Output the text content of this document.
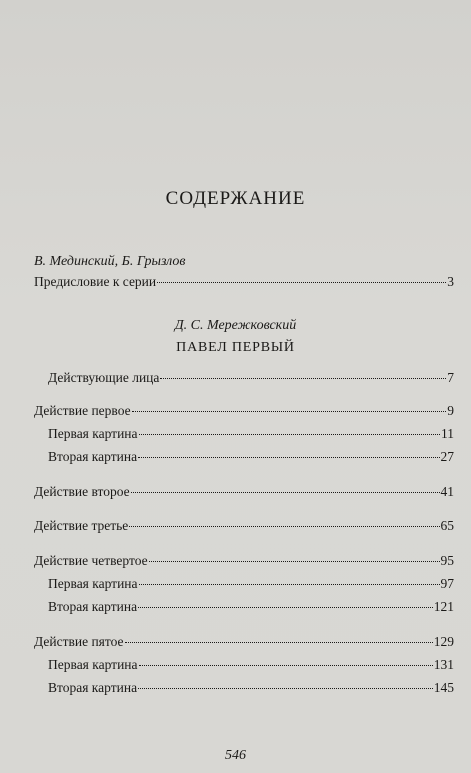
СОДЕРЖАНИЕ
В. Мединский, Б. Грызлов
Предисловие к серии	3
Д. С. Мережковский
ПАВЕЛ ПЕРВЫЙ
Действующие лица	7
Действие первое	9
Первая картина	11
Вторая картина	27
Действие второе	41
Действие третье	65
Действие четвертое	95
Первая картина	97
Вторая картина	121
Действие пятое	129
Первая картина	131
Вторая картина	145
546
